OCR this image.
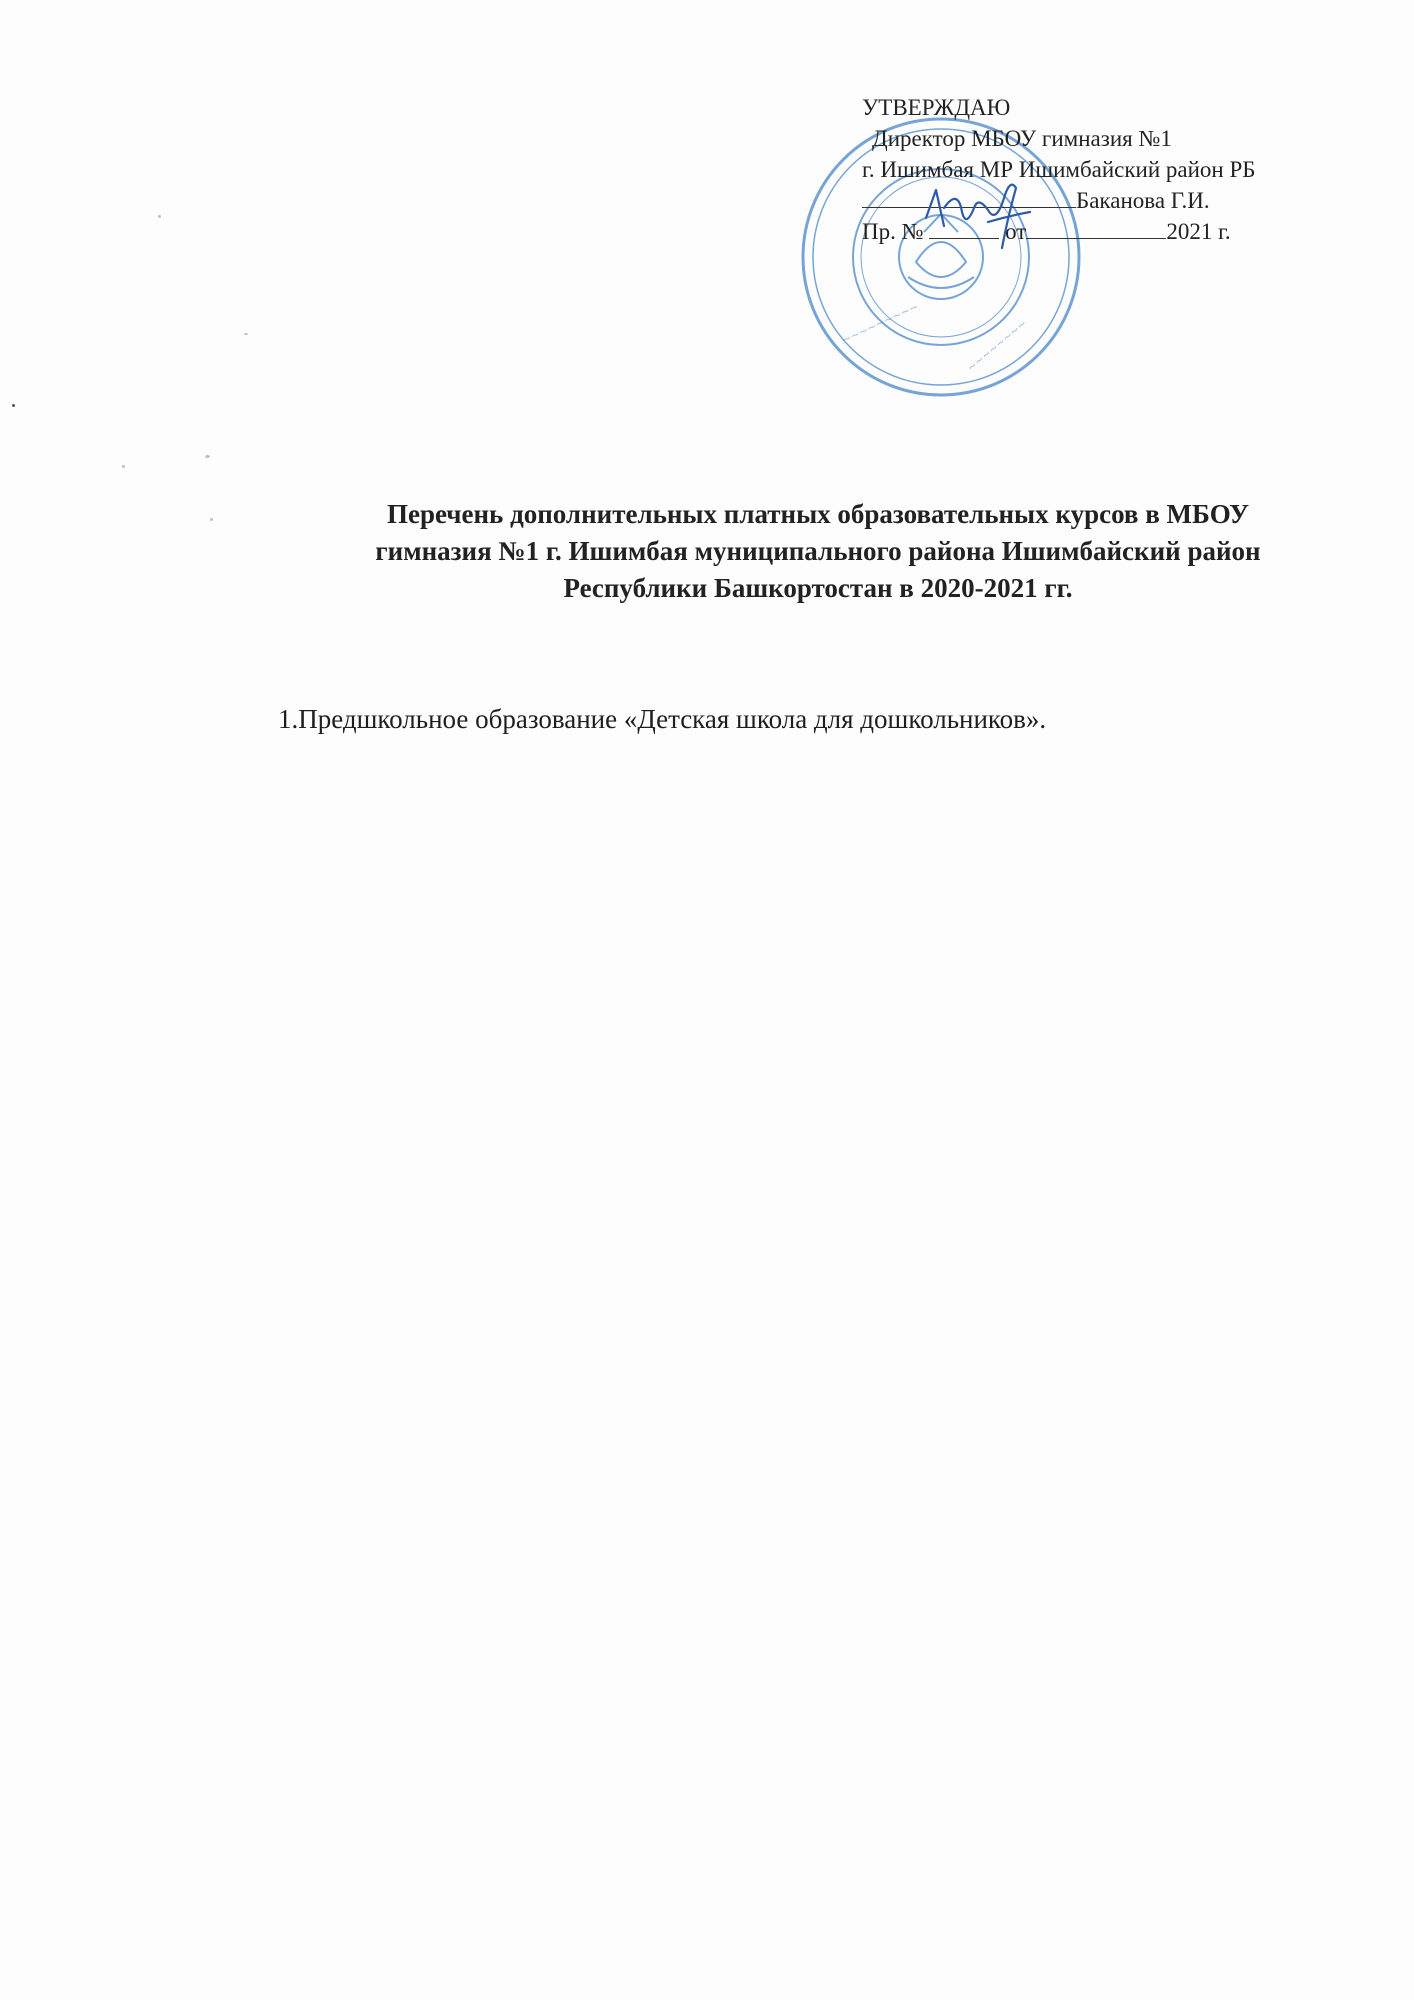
~~~~~~~~~	~~~~~~~~
УТВЕРЖДАЮ
Директор МБОУ гимназия №1
г. Ишимбая МР Ишимбайский район РБ
Баканова Г.И.
Пр. №	от	2021 г.
Перечень дополнительных платных образовательных курсов в МБОУ
гимназия №1 г. Ишимбая муниципального района Ишимбайский район
Республики Башкортостан в 2020-2021 гг.
1.Предшкольное образование «Детская школа для дошкольников».
